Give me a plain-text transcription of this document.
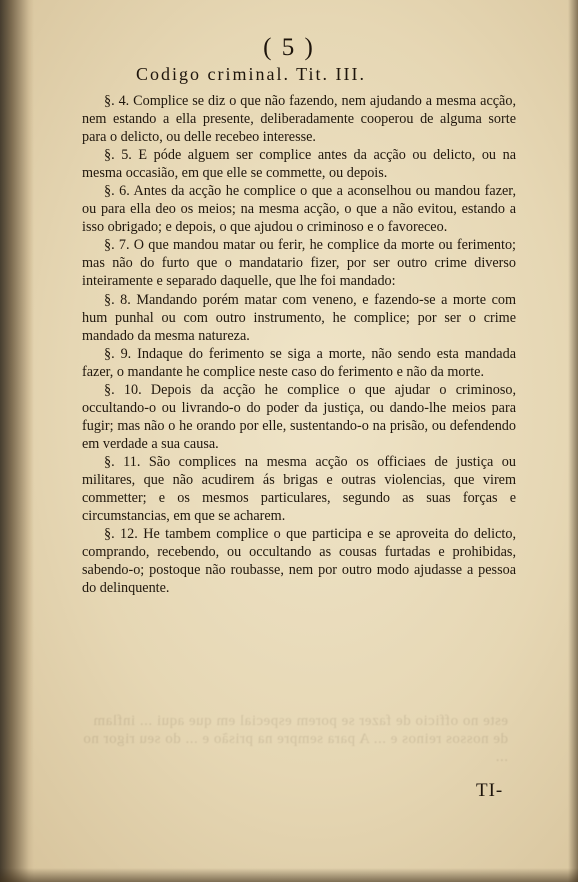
este no officio de fazer se porem especial em que aqui ... inflam de nossos reinos e ... A para sempre na prisão e ... do seu rigor no ...
( 5 )
Codigo criminal. Tit. III.

§. 4. Complice se diz o que não fazendo, nem ajudando a mesma acção, nem estando a ella presente, deliberadamente cooperou de alguma sorte para o delicto, ou delle recebeo interesse.

§. 5. E póde alguem ser complice antes da acção ou delicto, ou na mesma occasião, em que elle se commette, ou depois.

§. 6. Antes da acção he complice o que a aconselhou ou mandou fazer, ou para ella deo os meios; na mesma acção, o que a não evitou, estando a isso obrigado; e depois, o que ajudou o criminoso e o favoreceo.

§. 7. O que mandou matar ou ferir, he complice da morte ou ferimento; mas não do furto que o mandatario fizer, por ser outro crime diverso inteiramente e separado daquelle, que lhe foi mandado:

§. 8. Mandando porém matar com veneno, e fazendo-se a morte com hum punhal ou com outro instrumento, he complice; por ser o crime mandado da mesma natureza.

§. 9. Indaque do ferimento se siga a morte, não sendo esta mandada fazer, o mandante he complice neste caso do ferimento e não da morte.

§. 10. Depois da acção he complice o que ajudar o criminoso, occultando-o ou livrando-o do poder da justiça, ou dando-lhe meios para fugir; mas não o he orando por elle, sustentando-o na prisão, ou defendendo em verdade a sua causa.

§. 11. São complices na mesma acção os officiaes de justiça ou militares, que não acudirem ás brigas e outras violencias, que virem commetter; e os mesmos particulares, segundo as suas forças e circumstancias, em que se acharem.

§. 12. He tambem complice o que participa e se aproveita do delicto, comprando, recebendo, ou occultando as cousas furtadas e prohibidas, sabendo-o; postoque não roubasse, nem por outro modo ajudasse a pessoa do delinquente.

TI-
